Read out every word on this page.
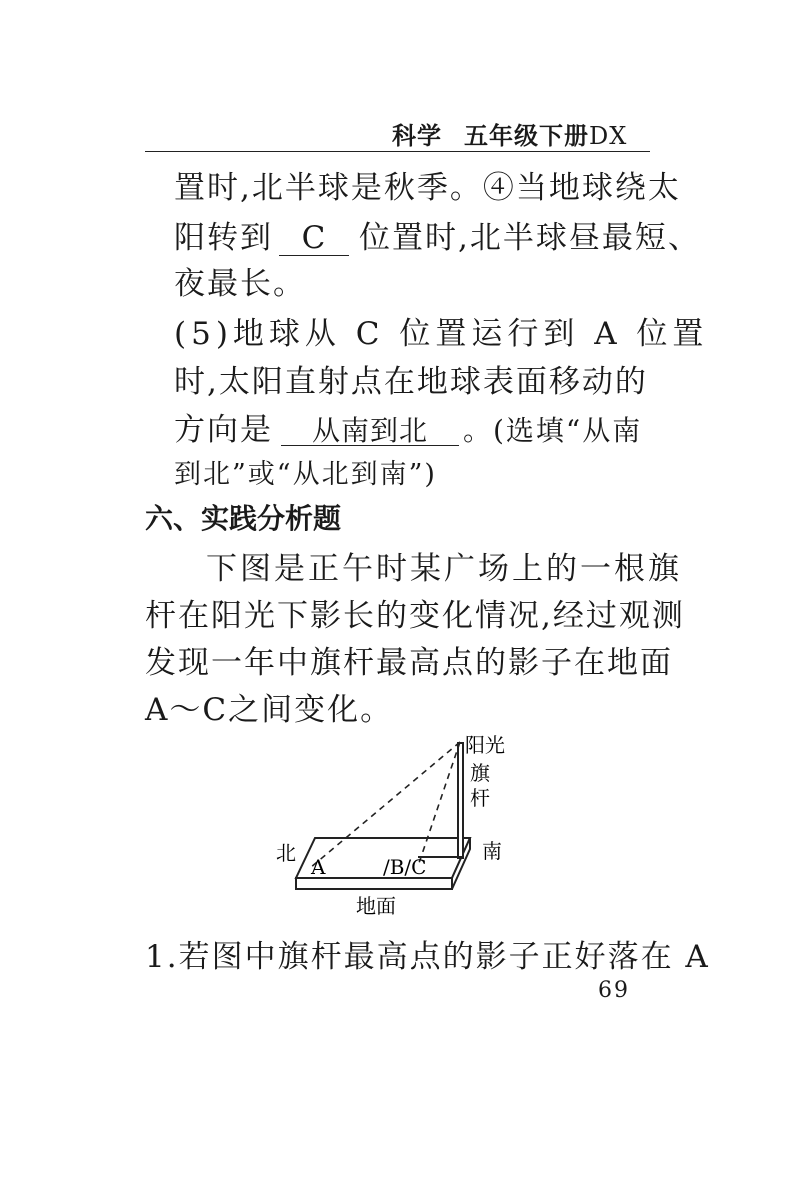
科学 五年级下册DX
置时,北半球是秋季。④当地球绕太
阳转到 C 位置时,北半球昼最短、
夜最长。
(5)地球从 C 位置运行到 A 位置
时,太阳直射点在地球表面移动的
方向是 从南到北 。(选填“从南
到北”或“从北到南”)
六、实践分析题
下图是正午时某广场上的一根旗
杆在阳光下影长的变化情况,经过观测
发现一年中旗杆最高点的影子在地面
A～C之间变化。
阳光
旗
杆
北	南
A	/B/C
地面
1.若图中旗杆最高点的影子正好落在 A
69
